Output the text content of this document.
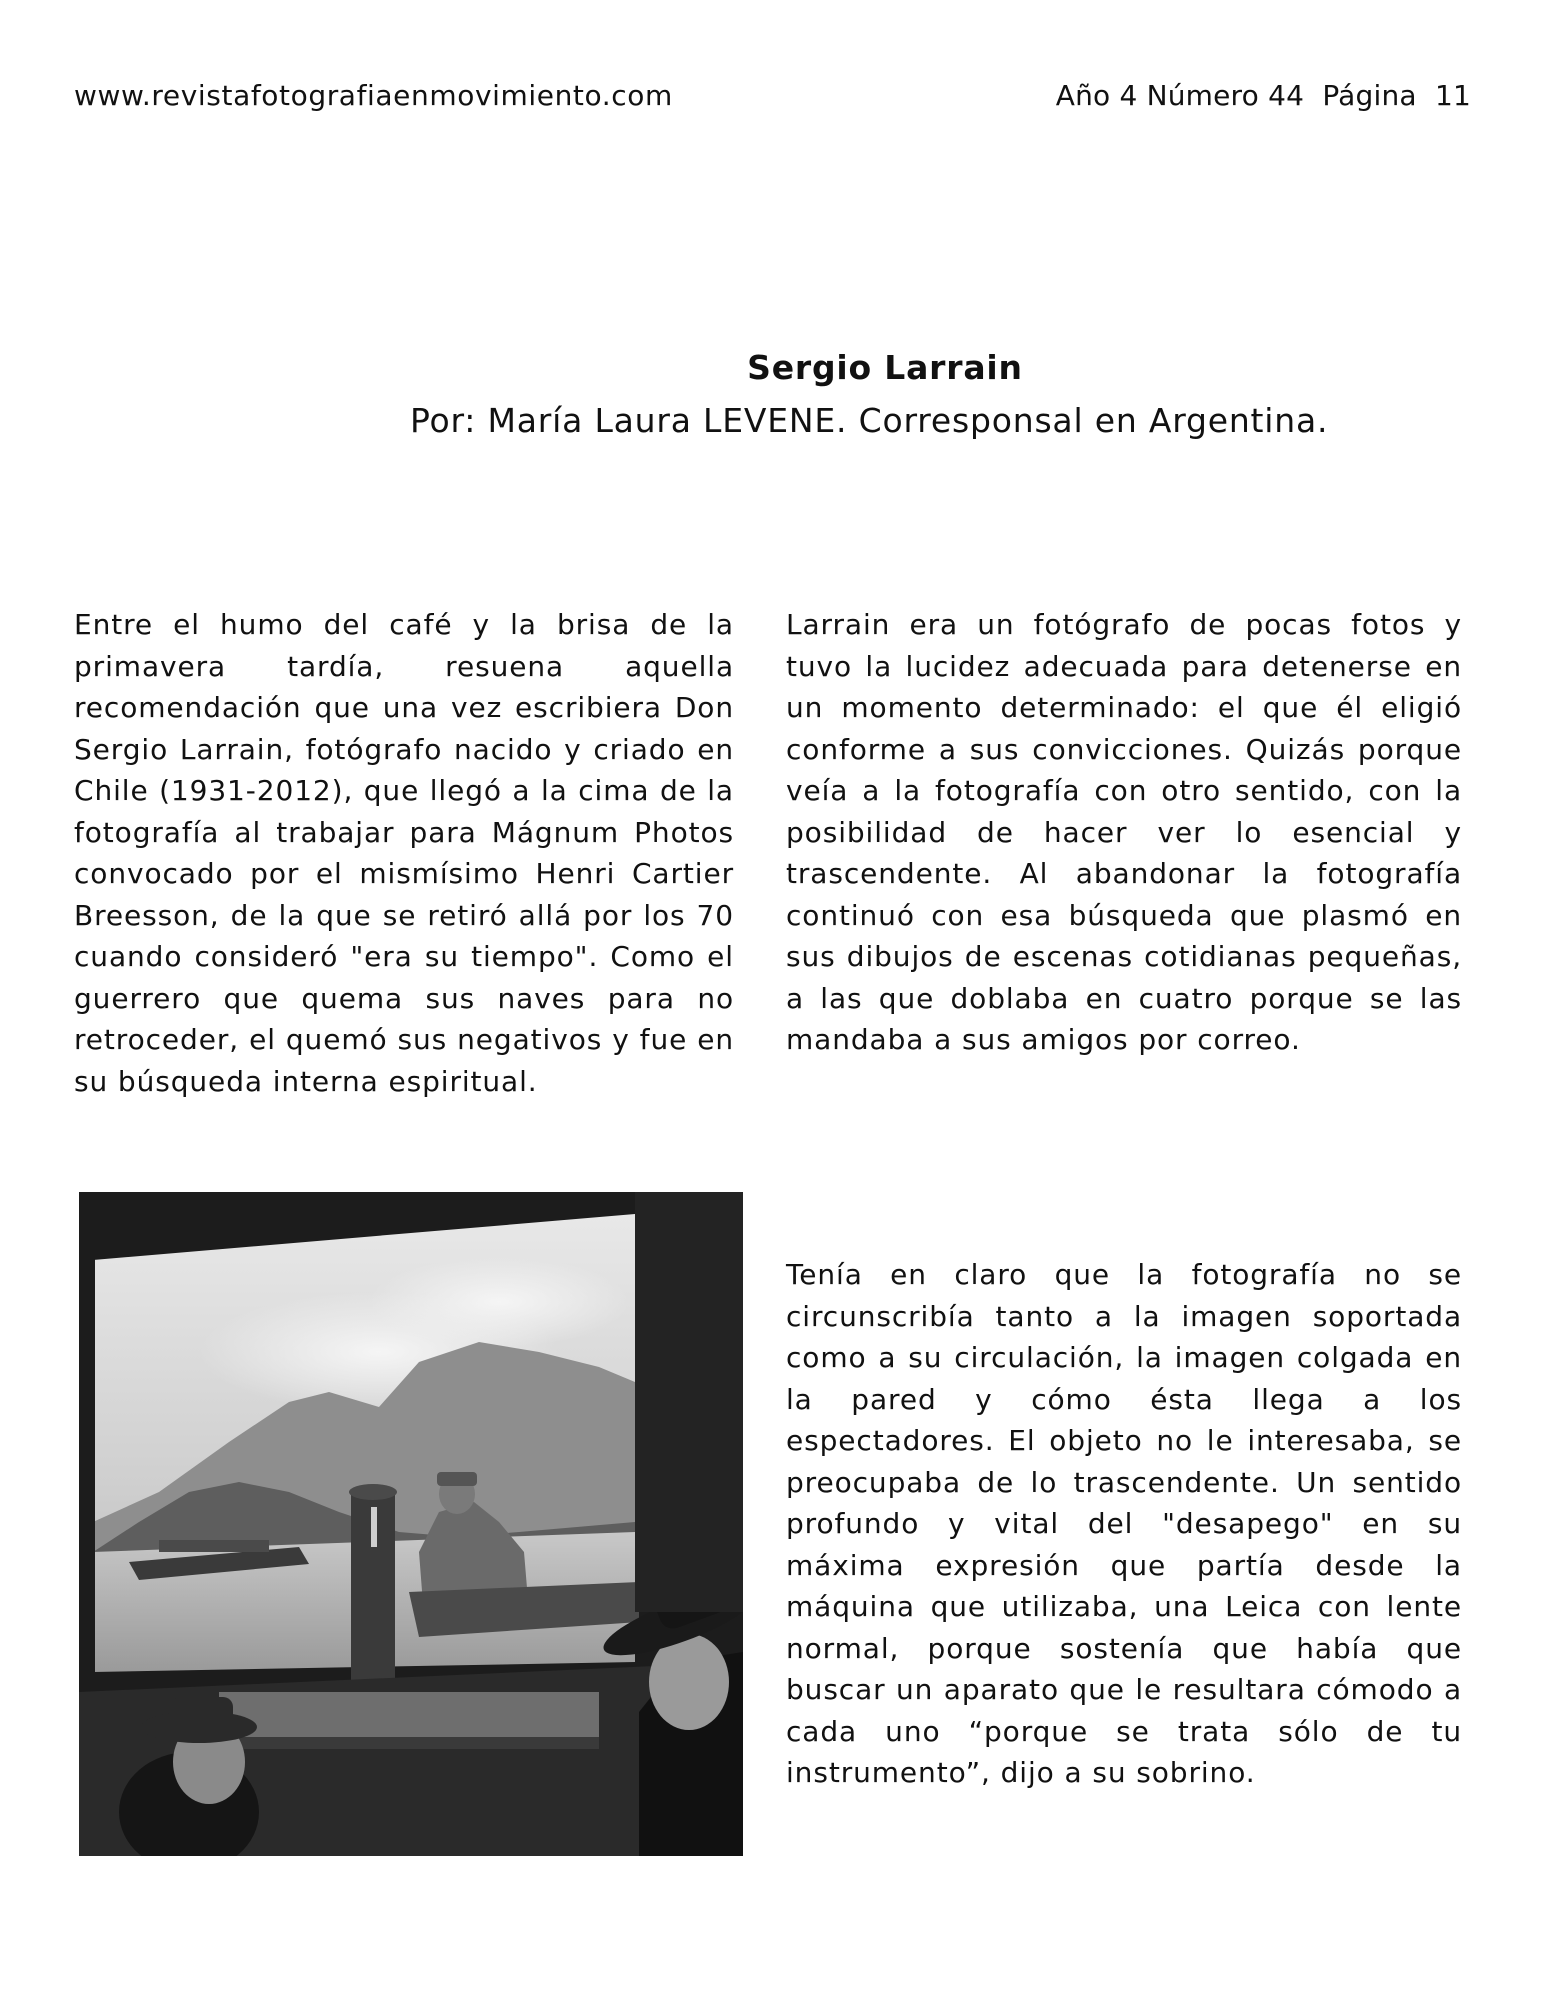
www.revistafotografiaenmovimiento.com	Año 4 Número 44  Página  11
Sergio Larrain
Por: María Laura LEVENE. Corresponsal en Argentina.

Entre el humo del café y la brisa de la primavera tardía, resuena aquella recomendación que una vez escribiera Don Sergio Larrain, fotógrafo nacido y criado en Chile (1931-2012), que llegó a la cima de la fotografía al trabajar para Mágnum Photos convocado por el mismísimo Henri Cartier Breesson, de la que se retiró allá por los 70 cuando consideró "era su tiempo". Como el guerrero que quema sus naves para no retroceder, el quemó sus negativos y fue en su búsqueda interna espiritual.

Larrain era un fotógrafo de pocas fotos y tuvo la lucidez adecuada para detenerse en un momento determinado: el que él eligió conforme a sus convicciones. Quizás porque veía a la fotografía con otro sentido, con la posibilidad de hacer ver lo esencial y trascendente. Al abandonar la fotografía continuó con esa búsqueda que plasmó en sus dibujos de escenas cotidianas pequeñas, a las que doblaba en cuatro porque se las mandaba a sus amigos por correo.

Tenía en claro que la fotografía no se circunscribía tanto a la imagen soportada como a su circulación, la imagen colgada en la pared y cómo ésta llega a los espectadores. El objeto no le interesaba, se preocupaba de lo trascendente. Un sentido profundo y vital del "desapego" en su máxima expresión que partía desde la máquina que utilizaba, una Leica con lente normal, porque sostenía que había que buscar un aparato que le resultara cómodo a cada uno “porque se trata sólo de tu instrumento”, dijo a su sobrino.
